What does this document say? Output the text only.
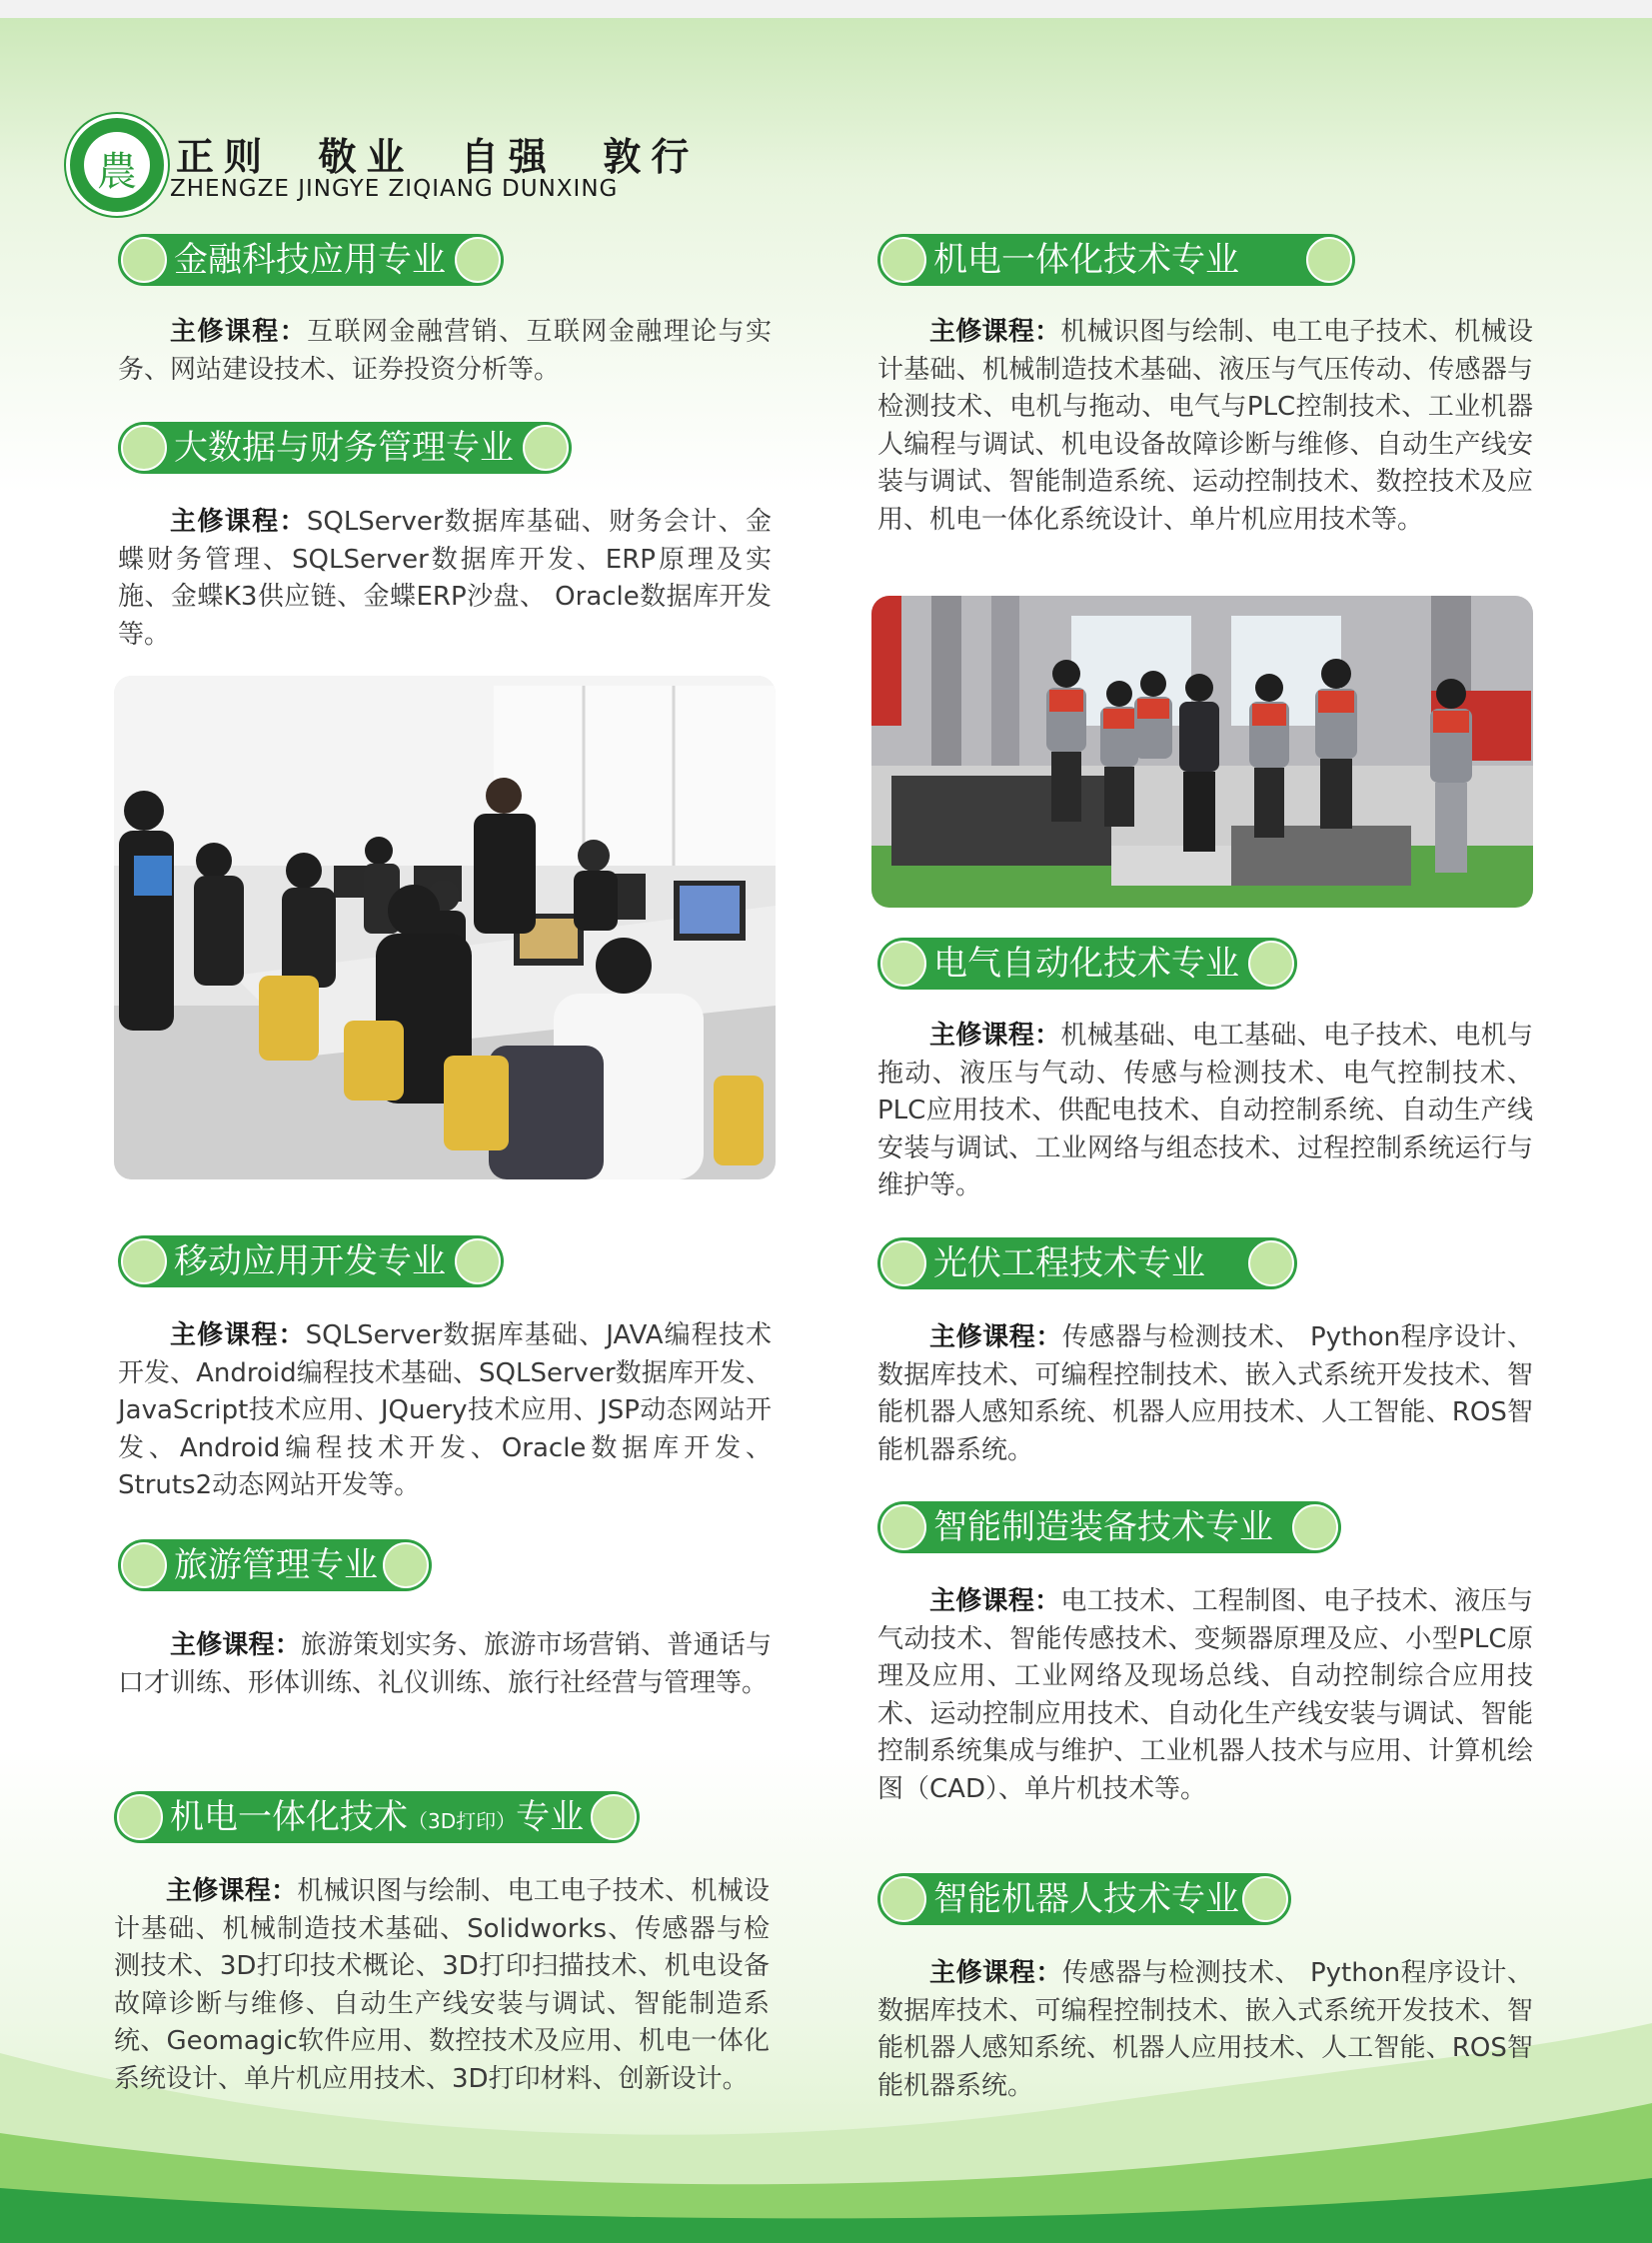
農	正则  敬业  自强  敦行
ZHENGZE JINGYE ZIQIANG DUNXING
金融科技应用专业
主修课程：互联网金融营销、互联网金融理论与实务、网站建设技术、证券投资分析等。
大数据与财务管理专业
主修课程：SQLServer数据库基础、财务会计、金蝶财务管理、SQLServer数据库开发、ERP原理及实施、金蝶K3供应链、金蝶ERP沙盘、 Oracle数据库开发等。
移动应用开发专业
主修课程：SQLServer数据库基础、JAVA编程技术开发、Android编程技术基础、SQLServer数据库开发、JavaScript技术应用、JQuery技术应用、JSP动态网站开发、Android编程技术开发、Oracle数据库开发、Struts2动态网站开发等。
旅游管理专业
主修课程：旅游策划实务、旅游市场营销、普通话与口才训练、形体训练、礼仪训练、旅行社经营与管理等。
机电一体化技术（3D打印）专业
主修课程：机械识图与绘制、电工电子技术、机械设计基础、机械制造技术基础、Solidworks、传感器与检测技术、3D打印技术概论、3D打印扫描技术、机电设备故障诊断与维修、自动生产线安装与调试、智能制造系统、Geomagic软件应用、数控技术及应用、机电一体化系统设计、单片机应用技术、3D打印材料、创新设计。
机电一体化技术专业
主修课程：机械识图与绘制、电工电子技术、机械设计基础、机械制造技术基础、液压与气压传动、传感器与检测技术、电机与拖动、电气与PLC控制技术、工业机器人编程与调试、机电设备故障诊断与维修、自动生产线安装与调试、智能制造系统、运动控制技术、数控技术及应用、机电一体化系统设计、单片机应用技术等。
电气自动化技术专业
主修课程：机械基础、电工基础、电子技术、电机与拖动、液压与气动、传感与检测技术、电气控制技术、PLC应用技术、供配电技术、自动控制系统、自动生产线安装与调试、工业网络与组态技术、过程控制系统运行与维护等。
光伏工程技术专业
主修课程：传感器与检测技术、 Python程序设计、数据库技术、可编程控制技术、嵌入式系统开发技术、智能机器人感知系统、机器人应用技术、人工智能、ROS智能机器系统。
智能制造装备技术专业
主修课程：电工技术、工程制图、电子技术、液压与气动技术、智能传感技术、变频器原理及应、小型PLC原理及应用、工业网络及现场总线、自动控制综合应用技术、运动控制应用技术、自动化生产线安装与调试、智能控制系统集成与维护、工业机器人技术与应用、计算机绘图（CAD）、单片机技术等。
智能机器人技术专业
主修课程：传感器与检测技术、 Python程序设计、数据库技术、可编程控制技术、嵌入式系统开发技术、智能机器人感知系统、机器人应用技术、人工智能、ROS智能机器系统。
